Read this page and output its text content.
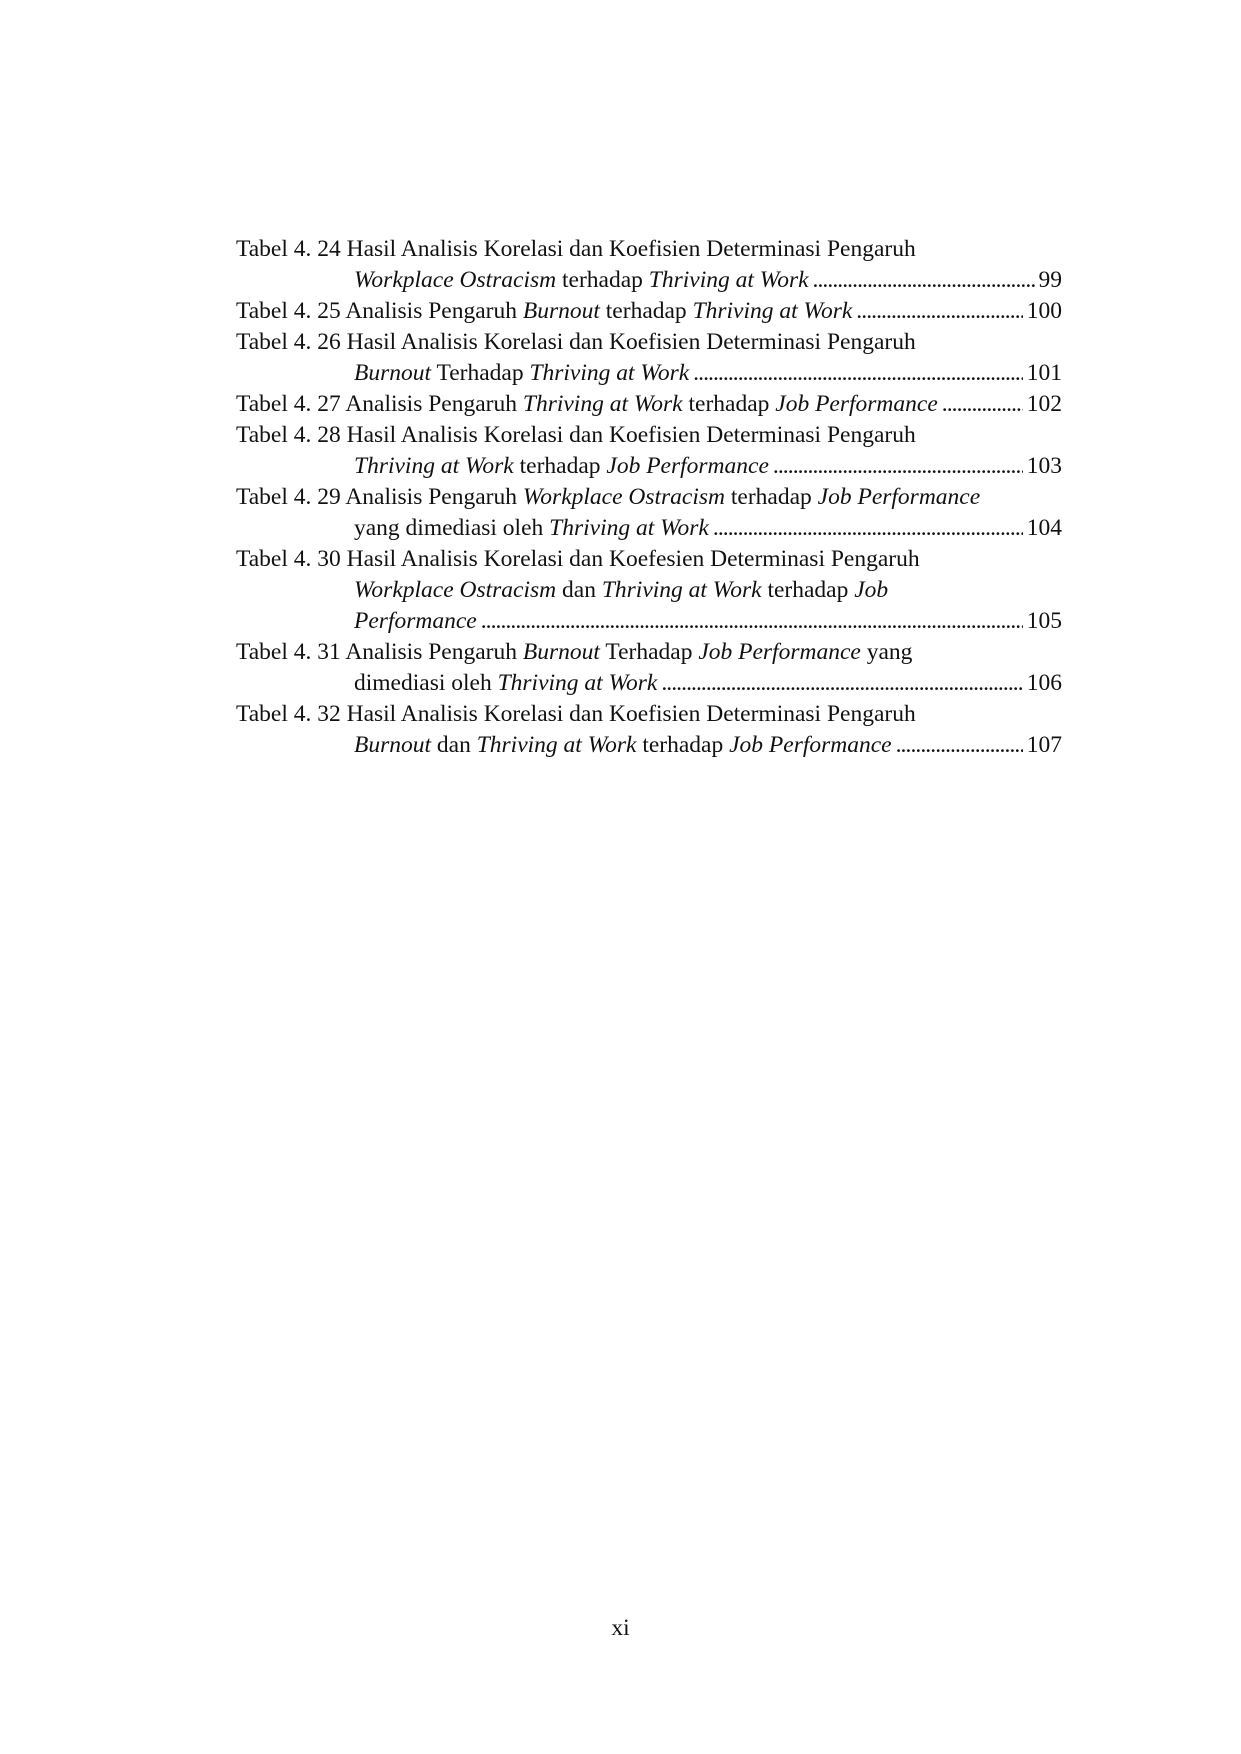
Tabel 4. 24 Hasil Analisis Korelasi dan Koefisien Determinasi Pengaruh
Workplace Ostracism terhadap Thriving at Work . . .	99
Tabel 4. 25 Analisis Pengaruh Burnout terhadap Thriving at Work . . .	100
Tabel 4. 26 Hasil Analisis Korelasi dan Koefisien Determinasi Pengaruh
Burnout Terhadap Thriving at Work . . .	101
Tabel 4. 27 Analisis Pengaruh Thriving at Work terhadap Job Performance . . .	102
Tabel 4. 28 Hasil Analisis Korelasi dan Koefisien Determinasi Pengaruh
Thriving at Work terhadap Job Performance . . .	103
Tabel 4. 29 Analisis Pengaruh Workplace Ostracism terhadap Job Performance
yang dimediasi oleh Thriving at Work . . .	104
Tabel 4. 30 Hasil Analisis Korelasi dan Koefesien Determinasi Pengaruh
Workplace Ostracism dan Thriving at Work terhadap Job
Performance . . .	105
Tabel 4. 31 Analisis Pengaruh Burnout Terhadap Job Performance yang
dimediasi oleh Thriving at Work . . .	106
Tabel 4. 32 Hasil Analisis Korelasi dan Koefisien Determinasi Pengaruh
Burnout dan Thriving at Work terhadap Job Performance . . .	107
xi
